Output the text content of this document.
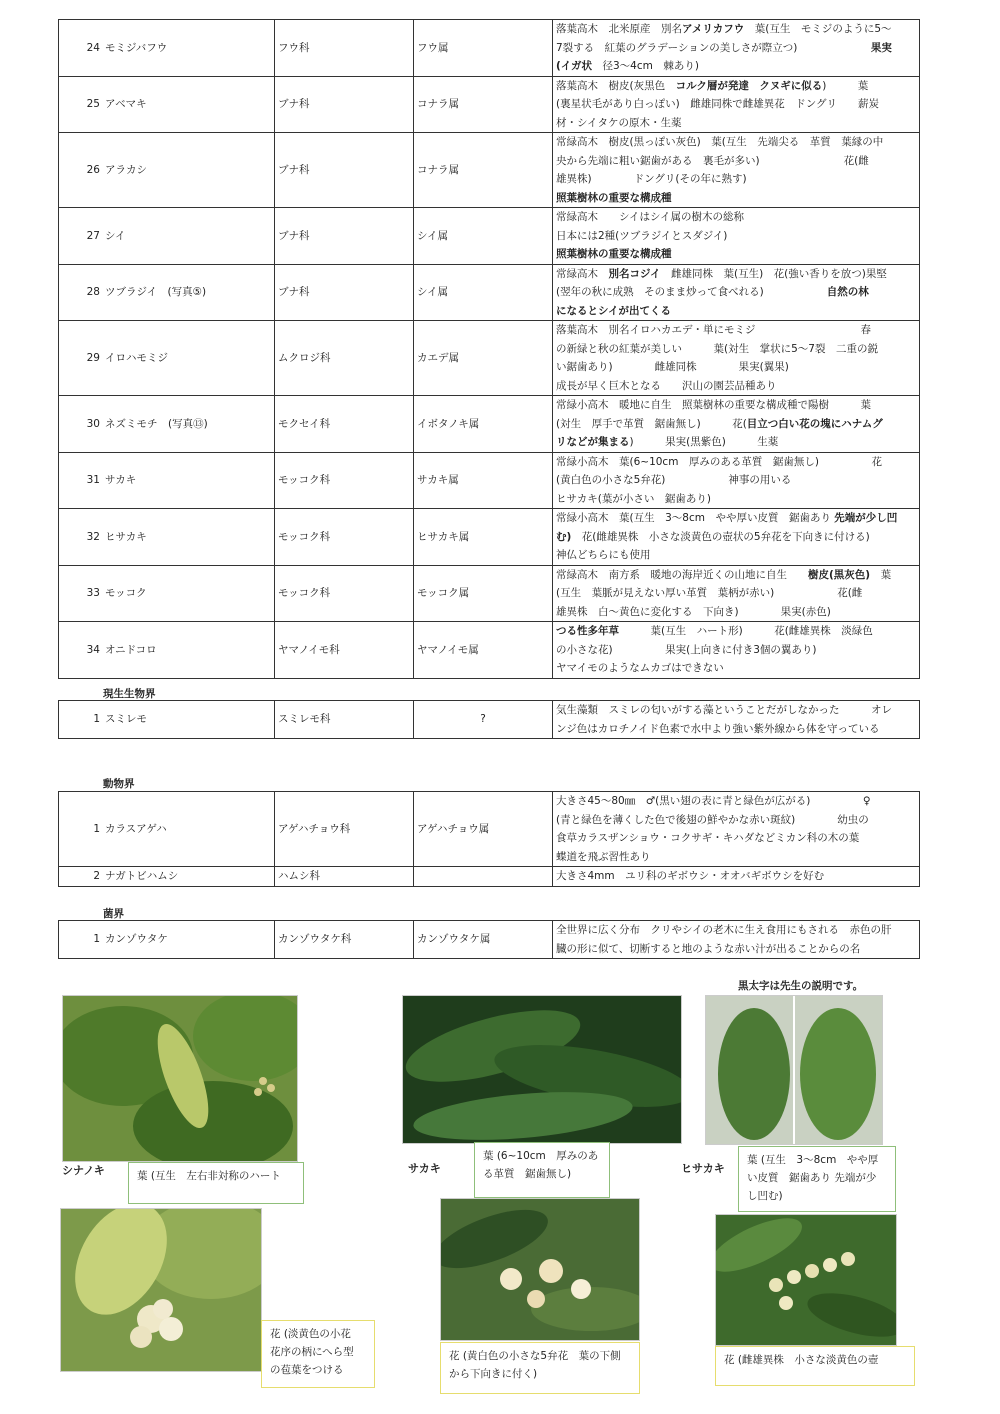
24	モミジバフウ	フウ科	フウ属	落葉高木　北米原産　別名アメリカフウ　葉(互生　モミジのように5〜
7裂する　紅葉のグラデーションの美しさが際立つ)　　　　　　　果実
(イガ状　径3〜4cm　棘あり)

25	アベマキ	ブナ科	コナラ属	落葉高木　樹皮(灰黒色　コルク層が発達　クヌギに似る)　　　葉
(裏星状毛があり白っぽい)　雌雄同株で雌雄異花　ドングリ　　薪炭
材・シイタケの原木・生薬

26	アラカシ	ブナ科	コナラ属	常緑高木　樹皮(黒っぽい灰色)　葉(互生　先端尖る　革質　葉縁の中
央から先端に粗い鋸歯がある　裏毛が多い)　　　　　　　　花(雌
雄異株)　　　　ドングリ(その年に熟す)
照葉樹林の重要な構成種

27	シイ	ブナ科	シイ属	常緑高木　　シイはシイ属の樹木の総称
日本には2種(ツブラジイとスダジイ)
照葉樹林の重要な構成種

28	ツブラジイ　(写真⑤)	ブナ科	シイ属	常緑高木　別名コジイ　雌雄同株　葉(互生)　花(強い香りを放つ)果堅
(翌年の秋に成熟　そのまま炒って食べれる)　　　　　　自然の林
になるとシイが出てくる

29	イロハモミジ	ムクロジ科	カエデ属	落葉高木　別名イロハカエデ・単にモミジ　　　　　　　　　　春
の新緑と秋の紅葉が美しい　　　葉(対生　掌状に5〜7裂　二重の鋭
い鋸歯あり)　　　　雌雄同株　　　　果実(翼果)
成長が早く巨木となる　　沢山の園芸品種あり

30	ネズミモチ　(写真⑬)	モクセイ科	イボタノキ属	常緑小高木　暖地に自生　照葉樹林の重要な構成種で陽樹　　　葉
(対生　厚手で革質　鋸歯無し)　　　花(目立つ白い花の塊にハナムグ
リなどが集まる)　　　果実(黒紫色)　　　生薬

31	サカキ	モッコク科	サカキ属	常緑小高木　葉(6~10cm　厚みのある革質　鋸歯無し)　　　　　花
(黄白色の小さな5弁花)　　　　　　神事の用いる
ヒサカキ(葉が小さい　鋸歯あり)

32	ヒサカキ	モッコク科	ヒサカキ属	常緑小高木　葉(互生　3〜8cm　やや厚い皮質　鋸歯あり 先端が少し凹
む)　花(雌雄異株　小さな淡黄色の壺状の5弁花を下向きに付ける)
神仏どちらにも使用

33	モッコク	モッコク科	モッコク属	常緑高木　南方系　暖地の海岸近くの山地に自生　　樹皮(黒灰色)　葉
(互生　葉脈が見えない厚い革質　葉柄が赤い)　　　　　　花(雌
雄異株　白〜黄色に変化する　下向き)　　　　果実(赤色)

34	オニドコロ	ヤマノイモ科	ヤマノイモ属	つる性多年草　　　葉(互生　ハート形)　　　花(雌雄異株　淡緑色
の小さな花)　　　　　果実(上向きに付き3個の翼あり)
ヤマイモのようなムカゴはできない
現生生物界
1	スミレモ	スミレモ科	?	
気生藻類　スミレの匂いがする藻ということだがしなかった　　　オレ
ンジ色はカロチノイド色素で水中より強い紫外線から体を守っている
動物界
1	カラスアゲハ	アゲハチョウ科	アゲハチョウ属	大きさ45〜80㎜　♂(黒い翅の表に青と緑色が広がる)　　　　　♀
(青と緑色を薄くした色で後翅の鮮やかな赤い斑紋)　　　　幼虫の
食草カラスザンショウ・コクサギ・キハダなどミカン科の木の葉
蝶道を飛ぶ習性あり

2	ナガトビハムシ	ハムシ科		大きさ4mm　ユリ科のギボウシ・オオバギボウシを好む
菌界
1	カンゾウタケ	カンゾウタケ科	カンゾウタケ属	
全世界に広く分布　クリやシイの老木に生え食用にもされる　赤色の肝
臓の形に似て、切断すると地のような赤い汁が出ることからの名
黒太字は先生の説明です。
シナノキ	葉 (互生　左右非対称のハート
サカキ
葉 (6~10cm　厚みのあ
る革質　鋸歯無し)	ヒサカキ
葉 (互生　3〜8cm　やや厚
い皮質　鋸歯あり 先端が少
し凹む)
花 (淡黄色の小花
花序の柄にへら型
の苞葉をつける
花 (黄白色の小さな5弁花　葉の下側
から下向きに付く)
花 (雌雄異株　小さな淡黄色の壺
